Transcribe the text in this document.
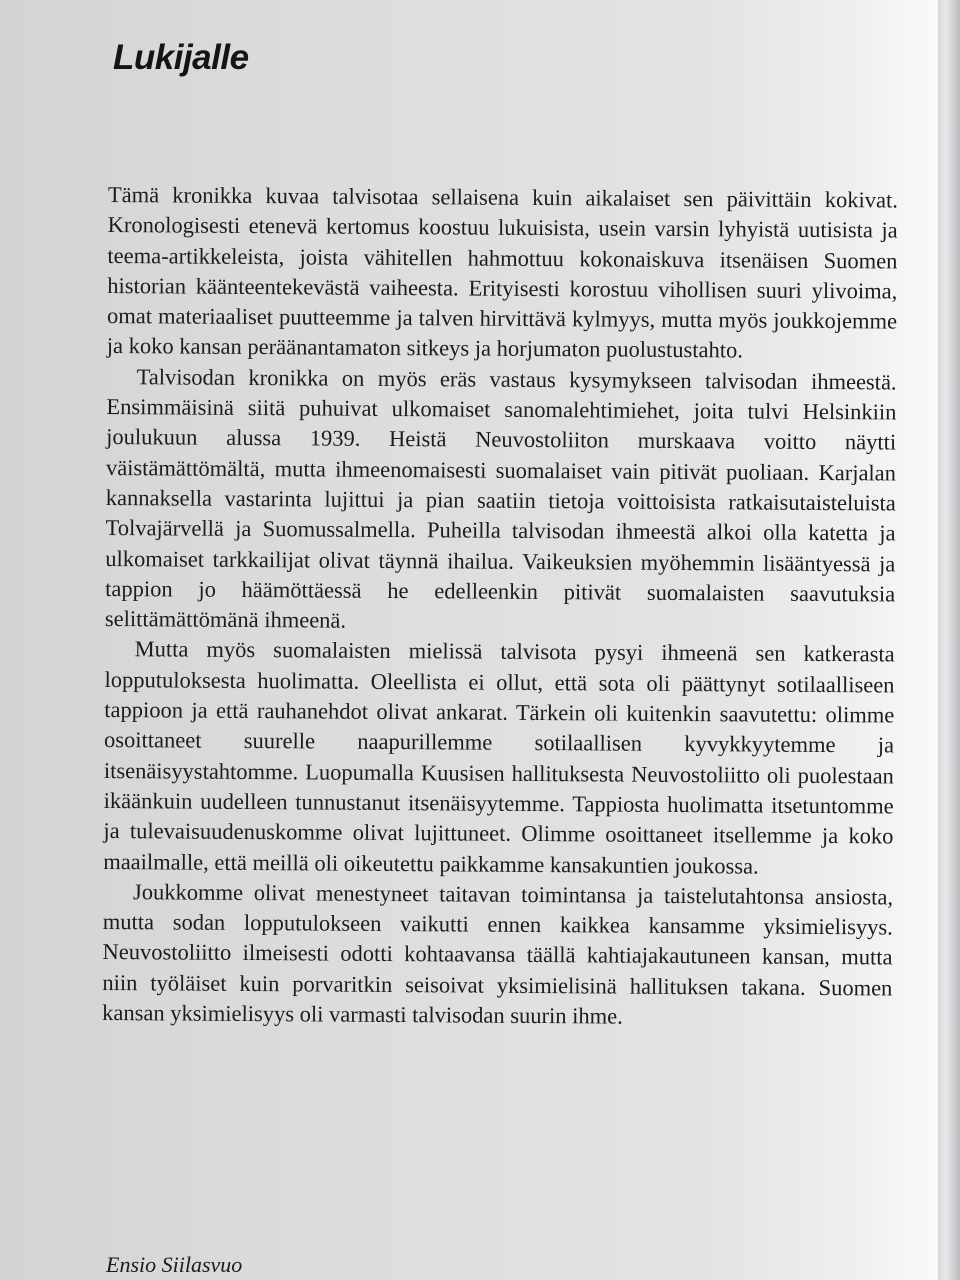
Lukijalle

Tämä kronikka kuvaa talvisotaa sellaisena kuin aikalaiset sen päivittäin kokivat. Kronologisesti etenevä kertomus koostuu lukuisista, usein varsin lyhyistä uutisista ja teema-artikkeleista, joista vähitellen hahmottuu kokonaiskuva itsenäisen Suomen historian käänteentekevästä vaiheesta. Erityisesti korostuu vihollisen suuri ylivoima, omat materiaaliset puutteemme ja talven hirvittävä kylmyys, mutta myös joukkojemme ja koko kansan peräänantamaton sitkeys ja horjumaton puolustustahto.

Talvisodan kronikka on myös eräs vastaus kysymykseen talvisodan ihmeestä. Ensimmäisinä siitä puhuivat ulkomaiset sanomalehtimiehet, joita tulvi Helsinkiin joulukuun alussa 1939. Heistä Neuvostoliiton murskaava voitto näytti väistämättömältä, mutta ihmeenomaisesti suomalaiset vain pitivät puoliaan. Karjalan kannaksella vastarinta lujittui ja pian saatiin tietoja voittoisista ratkaisutaisteluista Tolvajärvellä ja Suomussalmella. Puheilla talvisodan ihmeestä alkoi olla katetta ja ulkomaiset tarkkailijat olivat täynnä ihailua. Vaikeuksien myöhemmin lisääntyessä ja tappion jo häämöttäessä he edelleenkin pitivät suomalaisten saavutuksia selittämättömänä ihmeenä.

Mutta myös suomalaisten mielissä talvisota pysyi ihmeenä sen katkerasta lopputuloksesta huolimatta. Oleellista ei ollut, että sota oli päättynyt sotilaalliseen tappioon ja että rauhanehdot olivat ankarat. Tärkein oli kuitenkin saavutettu: olimme osoittaneet suurelle naapurillemme sotilaallisen kyvykkyytemme ja itsenäisyystahtomme. Luopumalla Kuusisen hallituksesta Neuvostoliitto oli puolestaan ikäänkuin uudelleen tunnustanut itsenäisyytemme. Tappiosta huolimatta itsetuntomme ja tulevaisuudenuskomme olivat lujittuneet. Olimme osoittaneet itsellemme ja koko maailmalle, että meillä oli oikeutettu paikkamme kansakuntien joukossa.

Joukkomme olivat menestyneet taitavan toimintansa ja taistelutahtonsa ansiosta, mutta sodan lopputulokseen vaikutti ennen kaikkea kansamme yksimielisyys. Neuvostoliitto ilmeisesti odotti kohtaavansa täällä kahtiajakautuneen kansan, mutta niin työläiset kuin porvaritkin seisoivat yksimielisinä hallituksen takana. Suomen kansan yksimielisyys oli varmasti talvisodan suurin ihme.

Ensio Siilasvuo
